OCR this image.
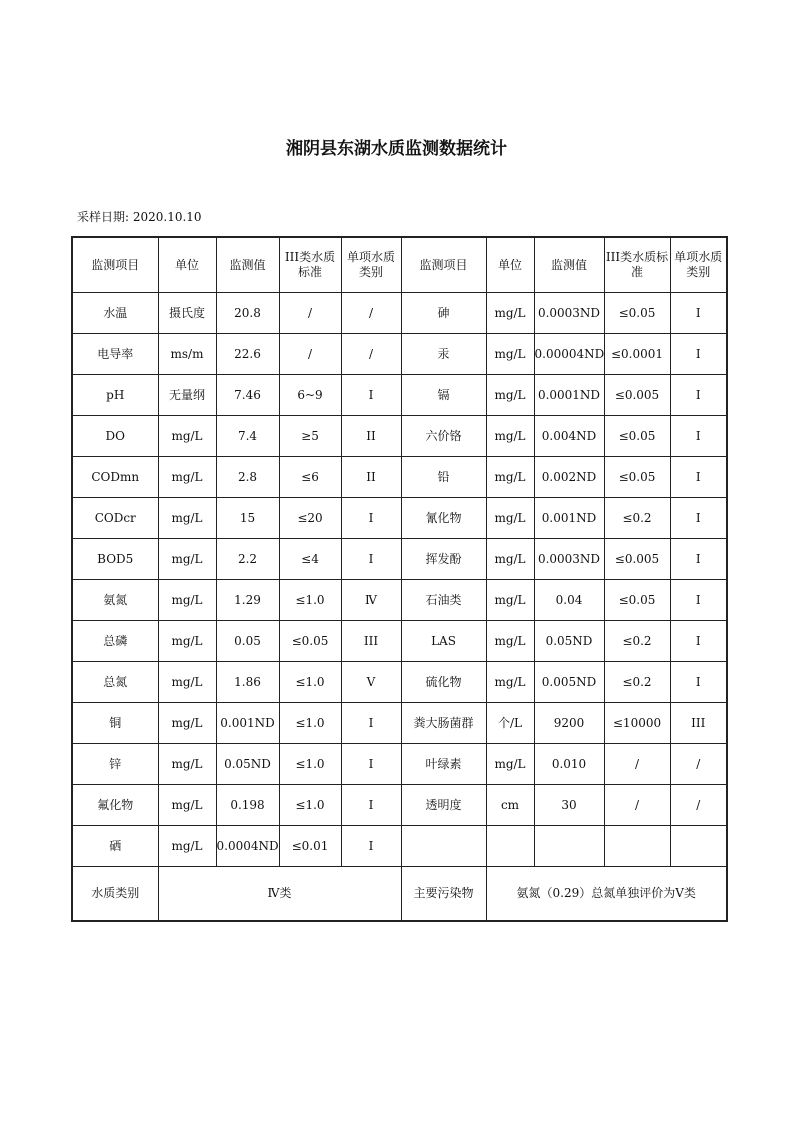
湘阴县东湖水质监测数据统计
采样日期: 2020.10.10
监测项目	单位	监测值	III类水质标准	单项水质类别	监测项目	单位	监测值	III类水质标准	单项水质类别
水温	摄氏度	20.8	/	/	砷	mg/L	0.0003ND	≤0.05	I
电导率	ms/m	22.6	/	/	汞	mg/L	0.00004ND	≤0.0001	I
pH	无量纲	7.46	6~9	I	镉	mg/L	0.0001ND	≤0.005	I
DO	mg/L	7.4	≥5	II	六价铬	mg/L	0.004ND	≤0.05	I
CODmn	mg/L	2.8	≤6	II	铅	mg/L	0.002ND	≤0.05	I
CODcr	mg/L	15	≤20	I	氰化物	mg/L	0.001ND	≤0.2	I
BOD5	mg/L	2.2	≤4	I	挥发酚	mg/L	0.0003ND	≤0.005	I
氨氮	mg/L	1.29	≤1.0	Ⅳ	石油类	mg/L	0.04	≤0.05	I
总磷	mg/L	0.05	≤0.05	III	LAS	mg/L	0.05ND	≤0.2	I
总氮	mg/L	1.86	≤1.0	V	硫化物	mg/L	0.005ND	≤0.2	I
铜	mg/L	0.001ND	≤1.0	I	粪大肠菌群	个/L	9200	≤10000	III
锌	mg/L	0.05ND	≤1.0	I	叶绿素	mg/L	0.010	/	/
氟化物	mg/L	0.198	≤1.0	I	透明度	cm	30	/	/
硒	mg/L	0.0004ND	≤0.01	I					
水质类别	Ⅳ类				主要污染物	氨氮（0.29）总氮单独评价为Ⅴ类			
